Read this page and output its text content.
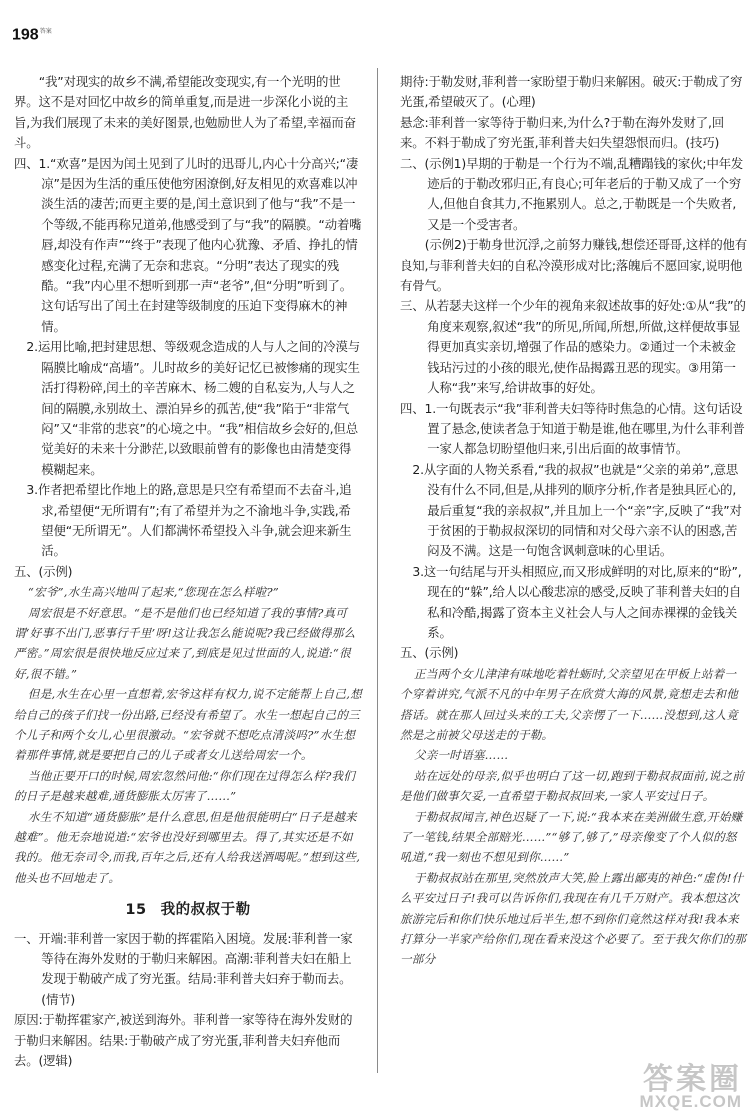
$198^{答案}$

“我”对现实的故乡不满,希望能改变现实,有一个光明的世界。这不是对回忆中故乡的简单重复,而是进一步深化小说的主旨,为我们展现了未来的美好图景,也勉励世人为了希望,幸福而奋斗。

四、1.“欢喜”是因为闰土见到了儿时的迅哥儿,内心十分高兴;“凄凉”是因为生活的重压使他穷困潦倒,好友相见的欢喜难以冲淡生活的凄苦;而更主要的是,闰土意识到了他与“我”不是一个等级,不能再称兄道弟,他感受到了与“我”的隔膜。“动着嘴唇,却没有作声”“终于”表现了他内心犹豫、矛盾、挣扎的情感变化过程,充满了无奈和悲哀。“分明”表达了现实的残酷。“我”内心里不想听到那一声“老爷”,但“分明”听到了。这句话写出了闰土在封建等级制度的压迫下变得麻木的神情。

2.运用比喻,把封建思想、等级观念造成的人与人之间的冷漠与隔膜比喻成“高墙”。儿时故乡的美好记忆已被惨痛的现实生活打得粉碎,闰土的辛苦麻木、杨二嫂的自私妄为,人与人之间的隔膜,永别故土、漂泊异乡的孤苦,使“我”陷于“非常气闷”又“非常的悲哀”的心境之中。“我”相信故乡会好的,但总觉美好的未来十分渺茫,以致眼前曾有的影像也由清楚变得模糊起来。

3.作者把希望比作地上的路,意思是只空有希望而不去奋斗,追求,希望便“无所谓有”;有了希望并为之不渝地斗争,实践,希望便“无所谓无”。人们都满怀希望投入斗争,就会迎来新生活。

五、(示例)

“宏爷”,水生高兴地叫了起来,“您现在怎么样啦?”

周宏很是不好意思。“是不是他们也已经知道了我的事情?真可谓‘好事不出门,恶事行千里’呀!这让我怎么能说呢?我已经做得那么严密。”周宏很是很快地反应过来了,到底是见过世面的人,说道:“很好,很不错。”

但是,水生在心里一直想着,宏爷这样有权力,说不定能帮上自己,想给自己的孩子们找一份出路,已经没有希望了。水生一想起自己的三个儿子和两个女儿,心里很激动。“宏爷就不想吃点清淡吗?”水生想着那件事情,就是要把自己的儿子或者女儿送给周宏一个。

当他正要开口的时候,周宏忽然问他:“你们现在过得怎么样?我们的日子是越来越难,通货膨胀太厉害了……”

水生不知道“通货膨胀”是什么意思,但是他很能明白“日子是越来越难”。他无奈地说道:“宏爷也没好到哪里去。得了,其实还是不如我的。他无奈司令,而我,百年之后,还有人给我送酒喝呢。”想到这些,他头也不回地走了。

15 我的叔叔于勒

一、开端:菲利普一家因于勒的挥霍陷入困境。发展:菲利普一家等待在海外发财的于勒归来解困。高潮:菲利普夫妇在船上发现于勒破产成了穷光蛋。结局:菲利普夫妇弃于勒而去。(情节)

原因:于勒挥霍家产,被送到海外。菲利普一家等待在海外发财的于勒归来解困。结果:于勒破产成了穷光蛋,菲利普夫妇弃他而去。(逻辑)

期待:于勒发财,菲利普一家盼望于勒归来解困。破灭:于勒成了穷光蛋,希望破灭了。(心理)

悬念:菲利普一家等待于勒归来,为什么?于勒在海外发财了,回来。不料于勒成了穷光蛋,菲利普夫妇失望怨恨而归。(技巧)

二、(示例1)早期的于勒是一个行为不端,乱糟蹋钱的家伙;中年发迹后的于勒改邪归正,有良心;可年老后的于勒又成了一个穷人,但他自食其力,不拖累别人。总之,于勒既是一个失败者,又是一个受害者。

(示例2)于勒身世沉浮,之前努力赚钱,想偿还哥哥,这样的他有良知,与菲利普夫妇的自私冷漠形成对比;落魄后不愿回家,说明他有骨气。

三、从若瑟夫这样一个少年的视角来叙述故事的好处:①从“我”的角度来观察,叙述“我”的所见,所闻,所想,所做,这样便故事显得更加真实亲切,增强了作品的感染力。②通过一个未被金钱玷污过的小孩的眼光,使作品揭露丑恶的现实。③用第一人称“我”来写,给讲故事的好处。

四、1.一句既表示“我”菲利普夫妇等待时焦急的心情。这句话设置了悬念,使读者急于知道于勒是谁,他在哪里,为什么菲利普一家人都急切盼望他归来,引出后面的故事情节。

2.从字面的人物关系看,“我的叔叔”也就是“父亲的弟弟”,意思没有什么不同,但是,从排列的顺序分析,作者是独具匠心的,最后重复“我的亲叔叔”,并且加上一个“亲”字,反映了“我”对于贫困的于勒叔叔深切的同情和对父母六亲不认的困惑,苦闷及不满。这是一句饱含讽刺意味的心里话。

3.这一句结尾与开头相照应,而又形成鲜明的对比,原来的“盼”,现在的“躲”,给人以心酸悲凉的感受,反映了菲利普夫妇的自私和冷酷,揭露了资本主义社会人与人之间赤裸裸的金钱关系。

五、(示例)

正当两个女儿津津有味地吃着牡蛎时,父亲望见在甲板上站着一个穿着讲究,气派不凡的中年男子在欣赏大海的风景,竟想走去和他搭话。就在那人回过头来的工夫,父亲愣了一下……没想到,这人竟然是之前被父母送走的于勒。

父亲一时语塞……

站在远处的母亲,似乎也明白了这一切,跑到于勒叔叔面前,说之前是他们做事欠妥,一直希望于勒叔叔回来,一家人平安过日子。

于勒叔叔闻言,神色迟疑了一下,说:“我本来在美洲做生意,开始赚了一笔钱,结果全部赔光……”“够了,够了,”母亲像变了个人似的怒吼道,“我一刻也不想见到你……”

于勒叔叔站在那里,突然放声大笑,脸上露出鄙夷的神色:“虚伪!什么平安过日子!我可以告诉你们,我现在有几千万财产。我本想这次旅游完后和你们快乐地过后半生,想不到你们竟然这样对我!我本来打算分一半家产给你们,现在看来没这个必要了。至于我欠你们的那一部分

答案圈
MXQE.COM
